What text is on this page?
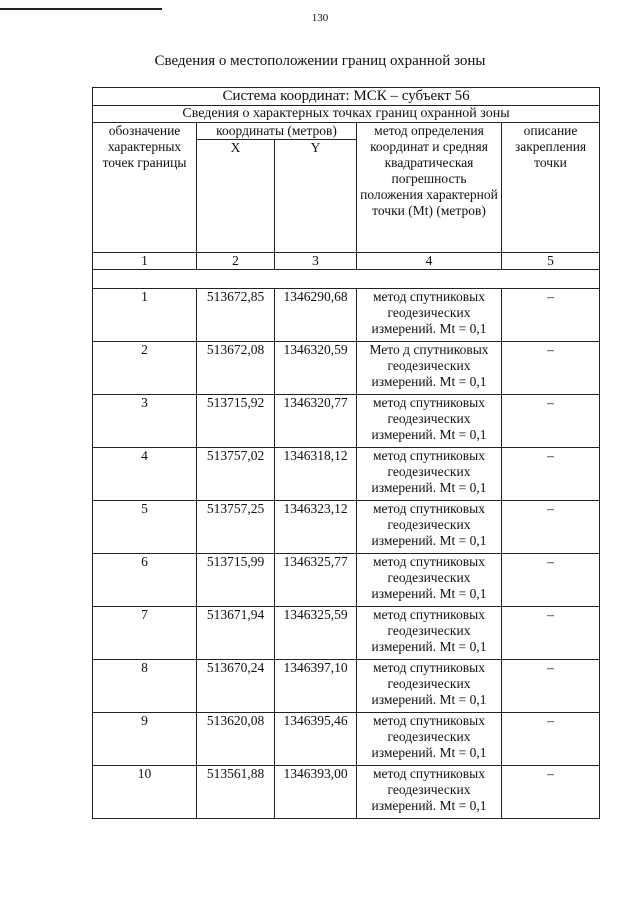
130
Сведения о местоположении границ охранной зоны
Система координат: МСК – субъект 56				
Сведения о характерных точках границ охранной зоны				
обозначение характерных точек границы	координаты (метров)		метод определения координат и средняя квадратическая погрешность положения характерной точки (Mt) (метров)	описание закрепления точки
	X	Y		
1	2	3	4	5

1	513672,85	1346290,68	метод спутниковых геодезических измерений. Mt = 0,1	–
2	513672,08	1346320,59	Мето д спутниковых геодезических измерений. Mt = 0,1	–
3	513715,92	1346320,77	метод спутниковых геодезических измерений. Mt = 0,1	–
4	513757,02	1346318,12	метод спутниковых геодезических измерений. Mt = 0,1	–
5	513757,25	1346323,12	метод спутниковых геодезических измерений. Mt = 0,1	–
6	513715,99	1346325,77	метод спутниковых геодезических измерений. Mt = 0,1	–
7	513671,94	1346325,59	метод спутниковых геодезических измерений. Mt = 0,1	–
8	513670,24	1346397,10	метод спутниковых геодезических измерений. Mt = 0,1	–
9	513620,08	1346395,46	метод спутниковых геодезических измерений. Mt = 0,1	–
10	513561,88	1346393,00	метод спутниковых геодезических измерений. Mt = 0,1	–
